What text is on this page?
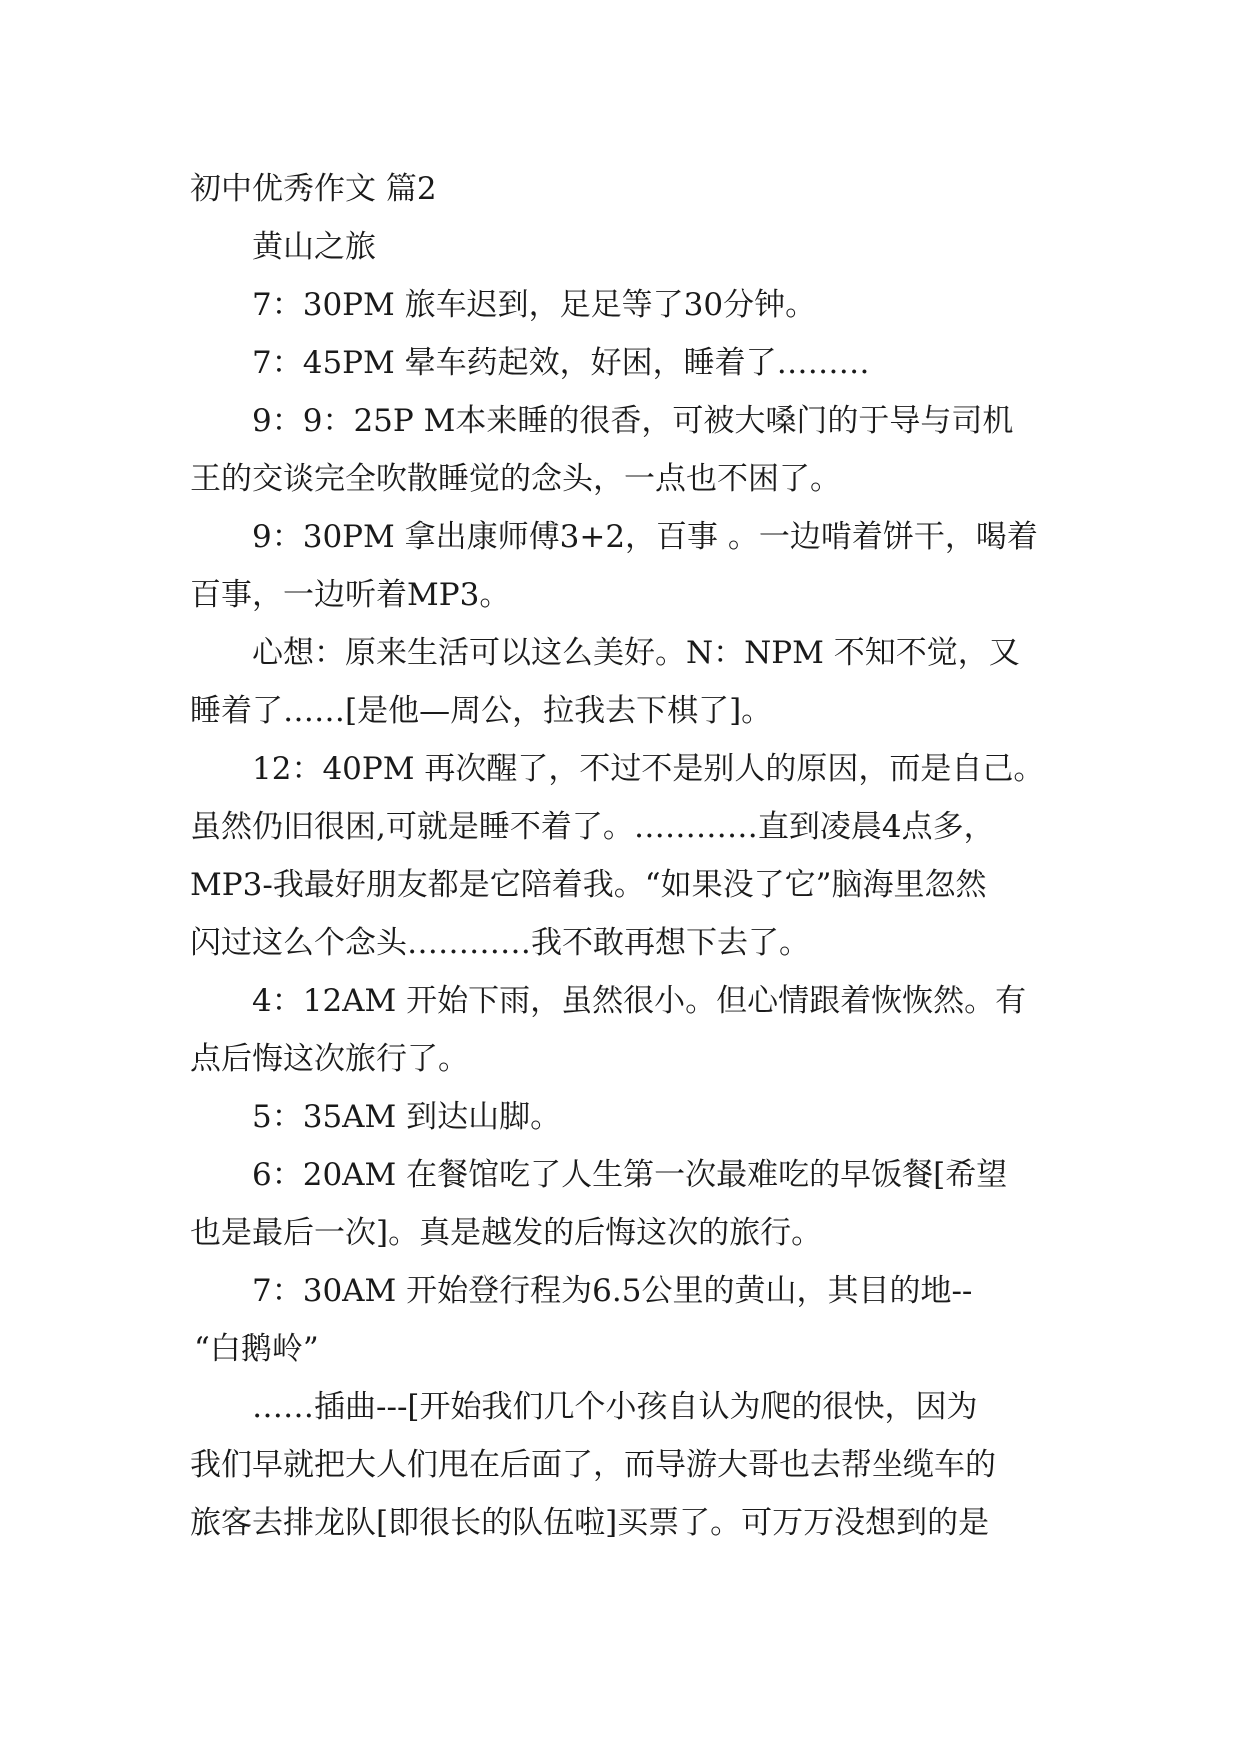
初中优秀作文 篇2
黄山之旅
7：30PM 旅车迟到，足足等了30分钟。
7：45PM 晕车药起效，好困，睡着了………
9：9：25P M本来睡的很香，可被大嗓门的于导与司机
王的交谈完全吹散睡觉的念头，一点也不困了。
9：30PM 拿出康师傅3+2，百事 。一边啃着饼干，喝着
百事，一边听着MP3。
心想：原来生活可以这么美好。N：NPM 不知不觉，又
睡着了……[是他—周公，拉我去下棋了]。
12：40PM 再次醒了，不过不是别人的原因，而是自己。
虽然仍旧很困,可就是睡不着了。…………直到凌晨4点多，
MP3-我最好朋友都是它陪着我。“如果没了它”脑海里忽然
闪过这么个念头…………我不敢再想下去了。
4：12AM 开始下雨，虽然很小。但心情跟着恢恢然。有
点后悔这次旅行了。
5：35AM 到达山脚。
6：20AM 在餐馆吃了人生第一次最难吃的早饭餐[希望
也是最后一次]。真是越发的后悔这次的旅行。
7：30AM 开始登行程为6.5公里的黄山，其目的地--
“白鹅岭”
……插曲---[开始我们几个小孩自认为爬的很快，因为
我们早就把大人们甩在后面了，而导游大哥也去帮坐缆车的
旅客去排龙队[即很长的队伍啦]买票了。可万万没想到的是
